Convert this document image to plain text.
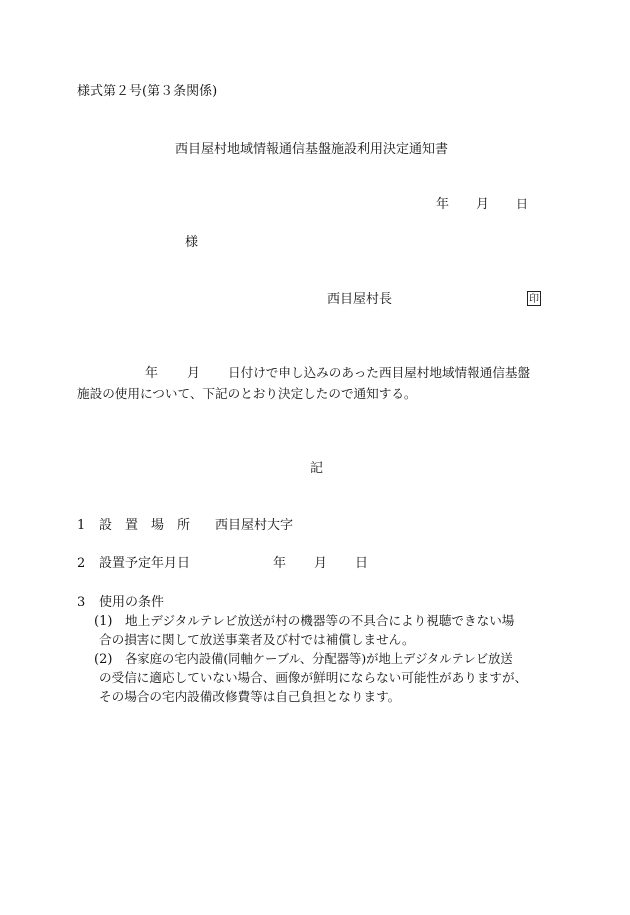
様式第２号(第３条関係)
西目屋村地域情報通信基盤施設利用決定通知書
年 月 日
様
西目屋村長	印
年 月 日付けで申し込みのあった西目屋村地域情報通信基盤
施設の使用について、下記のとおり決定したので通知する。
記
1 設　置　場　所 西目屋村大字
2 設置予定年月日	年 月 日
3 使用の条件
(1) 地上デジタルテレビ放送が村の機器等の不具合により視聴できない場
合の損害に関して放送事業者及び村では補償しません。
(2) 各家庭の宅内設備(同軸ケーブル、分配器等)が地上デジタルテレビ放送
の受信に適応していない場合、画像が鮮明にならない可能性がありますが、
その場合の宅内設備改修費等は自己負担となります。
